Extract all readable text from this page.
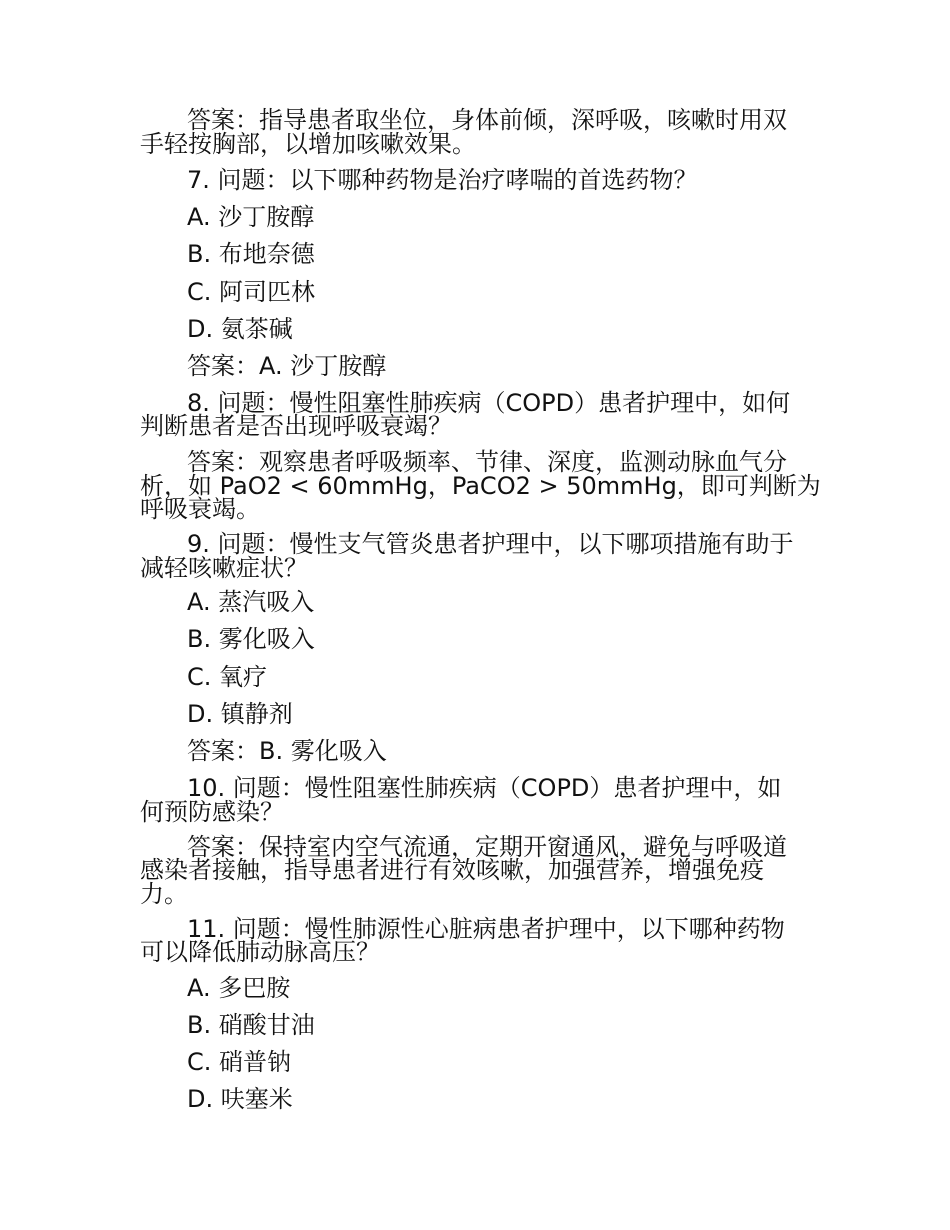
答案：指导患者取坐位，身体前倾，深呼吸，咳嗽时用双
手轻按胸部，以增加咳嗽效果。
7. 问题：以下哪种药物是治疗哮喘的首选药物？
A. 沙丁胺醇
B. 布地奈德
C. 阿司匹林
D. 氨茶碱
答案：A. 沙丁胺醇
8. 问题：慢性阻塞性肺疾病（COPD）患者护理中，如何
判断患者是否出现呼吸衰竭？
答案：观察患者呼吸频率、节律、深度，监测动脉血气分
析，如 PaO2 < 60mmHg，PaCO2 > 50mmHg，即可判断为
呼吸衰竭。
9. 问题：慢性支气管炎患者护理中，以下哪项措施有助于
减轻咳嗽症状？
A. 蒸汽吸入
B. 雾化吸入
C. 氧疗
D. 镇静剂
答案：B. 雾化吸入
10. 问题：慢性阻塞性肺疾病（COPD）患者护理中，如
何预防感染？
答案：保持室内空气流通，定期开窗通风，避免与呼吸道
感染者接触，指导患者进行有效咳嗽，加强营养，增强免疫
力。
11. 问题：慢性肺源性心脏病患者护理中，以下哪种药物
可以降低肺动脉高压？
A. 多巴胺
B. 硝酸甘油
C. 硝普钠
D. 呋塞米
